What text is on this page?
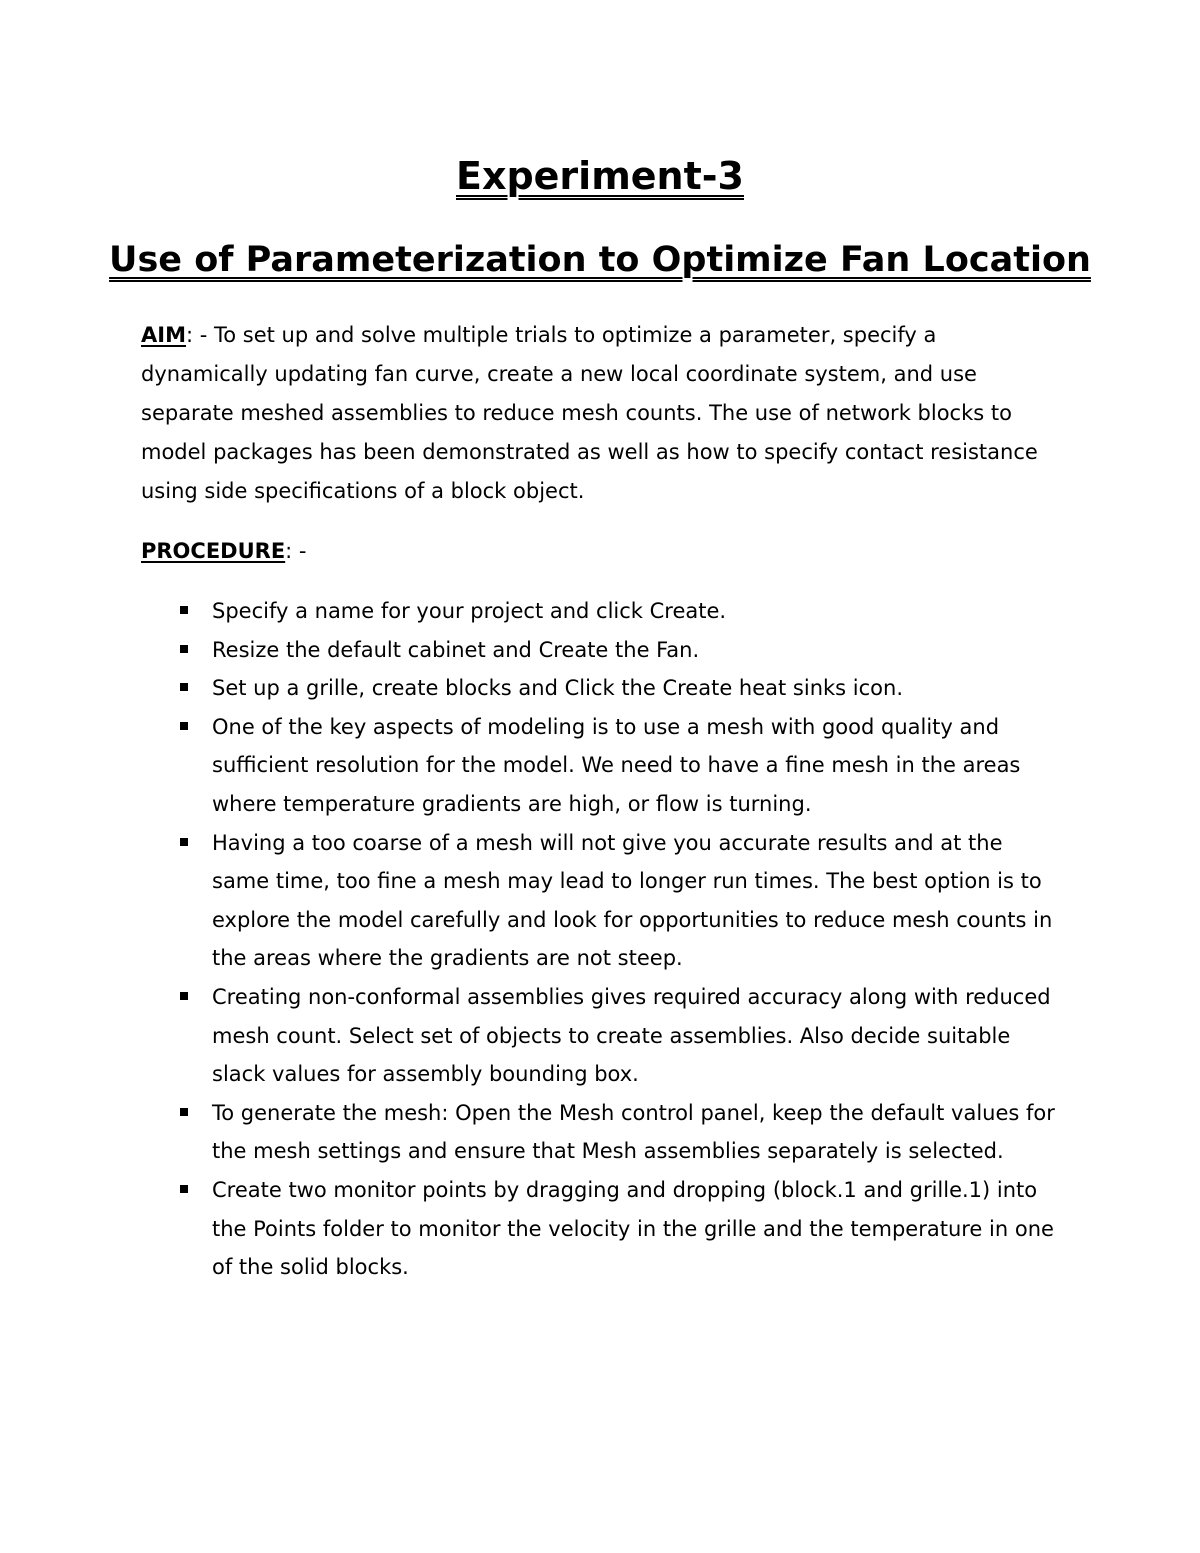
Experiment-3
Use of Parameterization to Optimize Fan Location
AIM: - To set up and solve multiple trials to optimize a parameter, specify a dynamically updating fan curve, create a new local coordinate system, and use separate meshed assemblies to reduce mesh counts. The use of network blocks to model packages has been demonstrated as well as how to specify contact resistance using side specifications of a block object.
PROCEDURE: -
Specify a name for your project and click Create.
Resize the default cabinet and Create the Fan.
Set up a grille, create blocks and Click the Create heat sinks icon.
One of the key aspects of modeling is to use a mesh with good quality and sufficient resolution for the model. We need to have a fine mesh in the areas where temperature gradients are high, or flow is turning.
Having a too coarse of a mesh will not give you accurate results and at the same time, too fine a mesh may lead to longer run times. The best option is to explore the model carefully and look for opportunities to reduce mesh counts in the areas where the gradients are not steep.
Creating non-conformal assemblies gives required accuracy along with reduced mesh count. Select set of objects to create assemblies. Also decide suitable slack values for assembly bounding box.
To generate the mesh: Open the Mesh control panel, keep the default values for the mesh settings and ensure that Mesh assemblies separately is selected.
Create two monitor points by dragging and dropping (block.1 and grille.1) into the Points folder to monitor the velocity in the grille and the temperature in one of the solid blocks.
